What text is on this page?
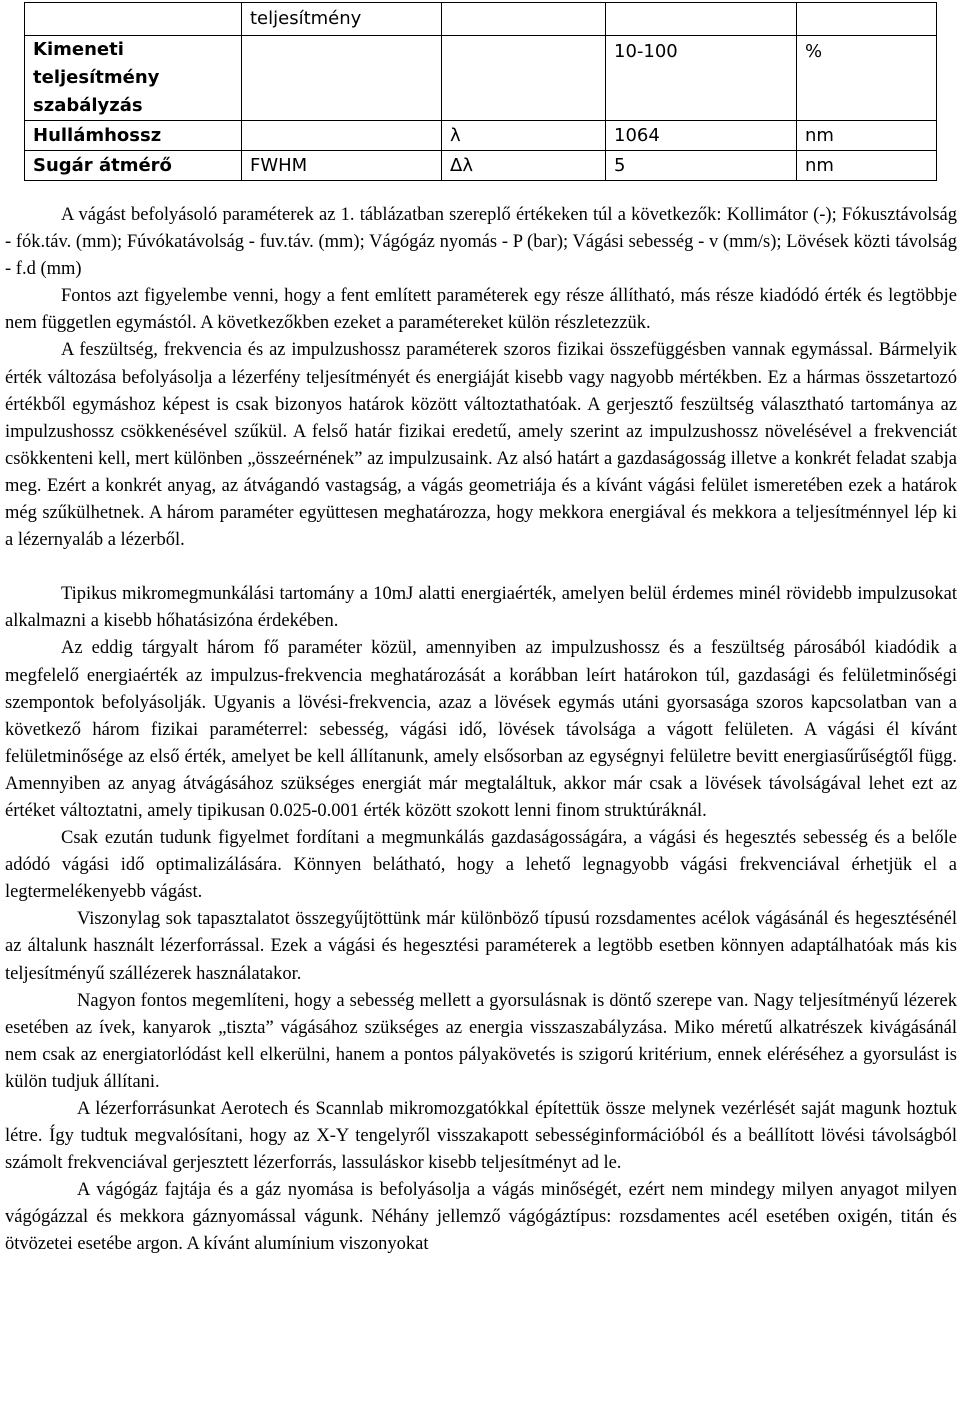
	teljesítmény			
Kimeneti teljesítmény szabályzás			10-100	%
Hullámhossz		λ	1064	nm
Sugár átmérő	FWHM	Δλ	5	nm

A vágást befolyásoló paraméterek az 1. táblázatban szereplő értékeken túl a következők: Kollimátor (-); Fókusztávolság - fók.táv. (mm); Fúvókatávolság - fuv.táv. (mm); Vágógáz nyomás - P (bar); Vágási sebesség - v (mm/s); Lövések közti távolság - f.d (mm)

Fontos azt figyelembe venni, hogy a fent említett paraméterek egy része állítható, más része kiadódó érték és legtöbbje nem független egymástól. A következőkben ezeket a paramétereket külön részletezzük.

A feszültség, frekvencia és az impulzushossz paraméterek szoros fizikai összefüggésben vannak egymással. Bármelyik érték változása befolyásolja a lézerfény teljesítményét és energiáját kisebb vagy nagyobb mértékben. Ez a hármas összetartozó értékből egymáshoz képest is csak bizonyos határok között változtathatóak. A gerjesztő feszültség választható tartománya az impulzushossz csökkenésével szűkül. A felső határ fizikai eredetű, amely szerint az impulzushossz növelésével a frekvenciát csökkenteni kell, mert különben „összeérnének” az impulzusaink. Az alsó határt a gazdaságosság illetve a konkrét feladat szabja meg. Ezért a konkrét anyag, az átvágandó vastagság, a vágás geometriája és a kívánt vágási felület ismeretében ezek a határok még szűkülhetnek. A három paraméter együttesen meghatározza, hogy mekkora energiával és mekkora a teljesítménnyel lép ki a lézernyaláb a lézerből.

Tipikus mikromegmunkálási tartomány a 10mJ alatti energiaérték, amelyen belül érdemes minél rövidebb impulzusokat alkalmazni a kisebb hőhatásizóna érdekében.

Az eddig tárgyalt három fő paraméter közül, amennyiben az impulzushossz és a feszültség párosából kiadódik a megfelelő energiaérték az impulzus-frekvencia meghatározását a korábban leírt határokon túl, gazdasági és felületminőségi szempontok befolyásolják. Ugyanis a lövési-frekvencia, azaz a lövések egymás utáni gyorsasága szoros kapcsolatban van a következő három fizikai paraméterrel: sebesség, vágási idő, lövések távolsága a vágott felületen. A vágási él kívánt felületminősége az első érték, amelyet be kell állítanunk, amely elsősorban az egységnyi felületre bevitt energiasűrűségtől függ. Amennyiben az anyag átvágásához szükséges energiát már megtaláltuk, akkor már csak a lövések távolságával lehet ezt az értéket változtatni, amely tipikusan 0.025-0.001 érték között szokott lenni finom struktúráknál.

Csak ezután tudunk figyelmet fordítani a megmunkálás gazdaságosságára, a vágási és hegesztés sebesség és a belőle adódó vágási idő optimalizálására. Könnyen belátható, hogy a lehető legnagyobb vágási frekvenciával érhetjük el a legtermelékenyebb vágást.

Viszonylag sok tapasztalatot összegyűjtöttünk már különböző típusú rozsdamentes acélok vágásánál és hegesztésénél az általunk használt lézerforrással. Ezek a vágási és hegesztési paraméterek a legtöbb esetben könnyen adaptálhatóak más kis teljesítményű szállézerek használatakor.

Nagyon fontos megemlíteni, hogy a sebesség mellett a gyorsulásnak is döntő szerepe van. Nagy teljesítményű lézerek esetében az ívek, kanyarok „tiszta” vágásához szükséges az energia visszaszabályzása. Miko méretű alkatrészek kivágásánál nem csak az energiatorlódást kell elkerülni, hanem a pontos pályakövetés is szigorú kritérium, ennek eléréséhez a gyorsulást is külön tudjuk állítani.

A lézerforrásunkat Aerotech és Scannlab mikromozgatókkal építettük össze melynek vezérlését saját magunk hoztuk létre. Így tudtuk megvalósítani, hogy az X-Y tengelyről visszakapott sebességinformációból és a beállított lövési távolságból számolt frekvenciával gerjesztett lézerforrás, lassuláskor kisebb teljesítményt ad le.

A vágógáz fajtája és a gáz nyomása is befolyásolja a vágás minőségét, ezért nem mindegy milyen anyagot milyen vágógázzal és mekkora gáznyomással vágunk. Néhány jellemző vágógáztípus: rozsdamentes acél esetében oxigén, titán és ötvözetei esetébe argon. A kívánt alumínium viszonyokat
